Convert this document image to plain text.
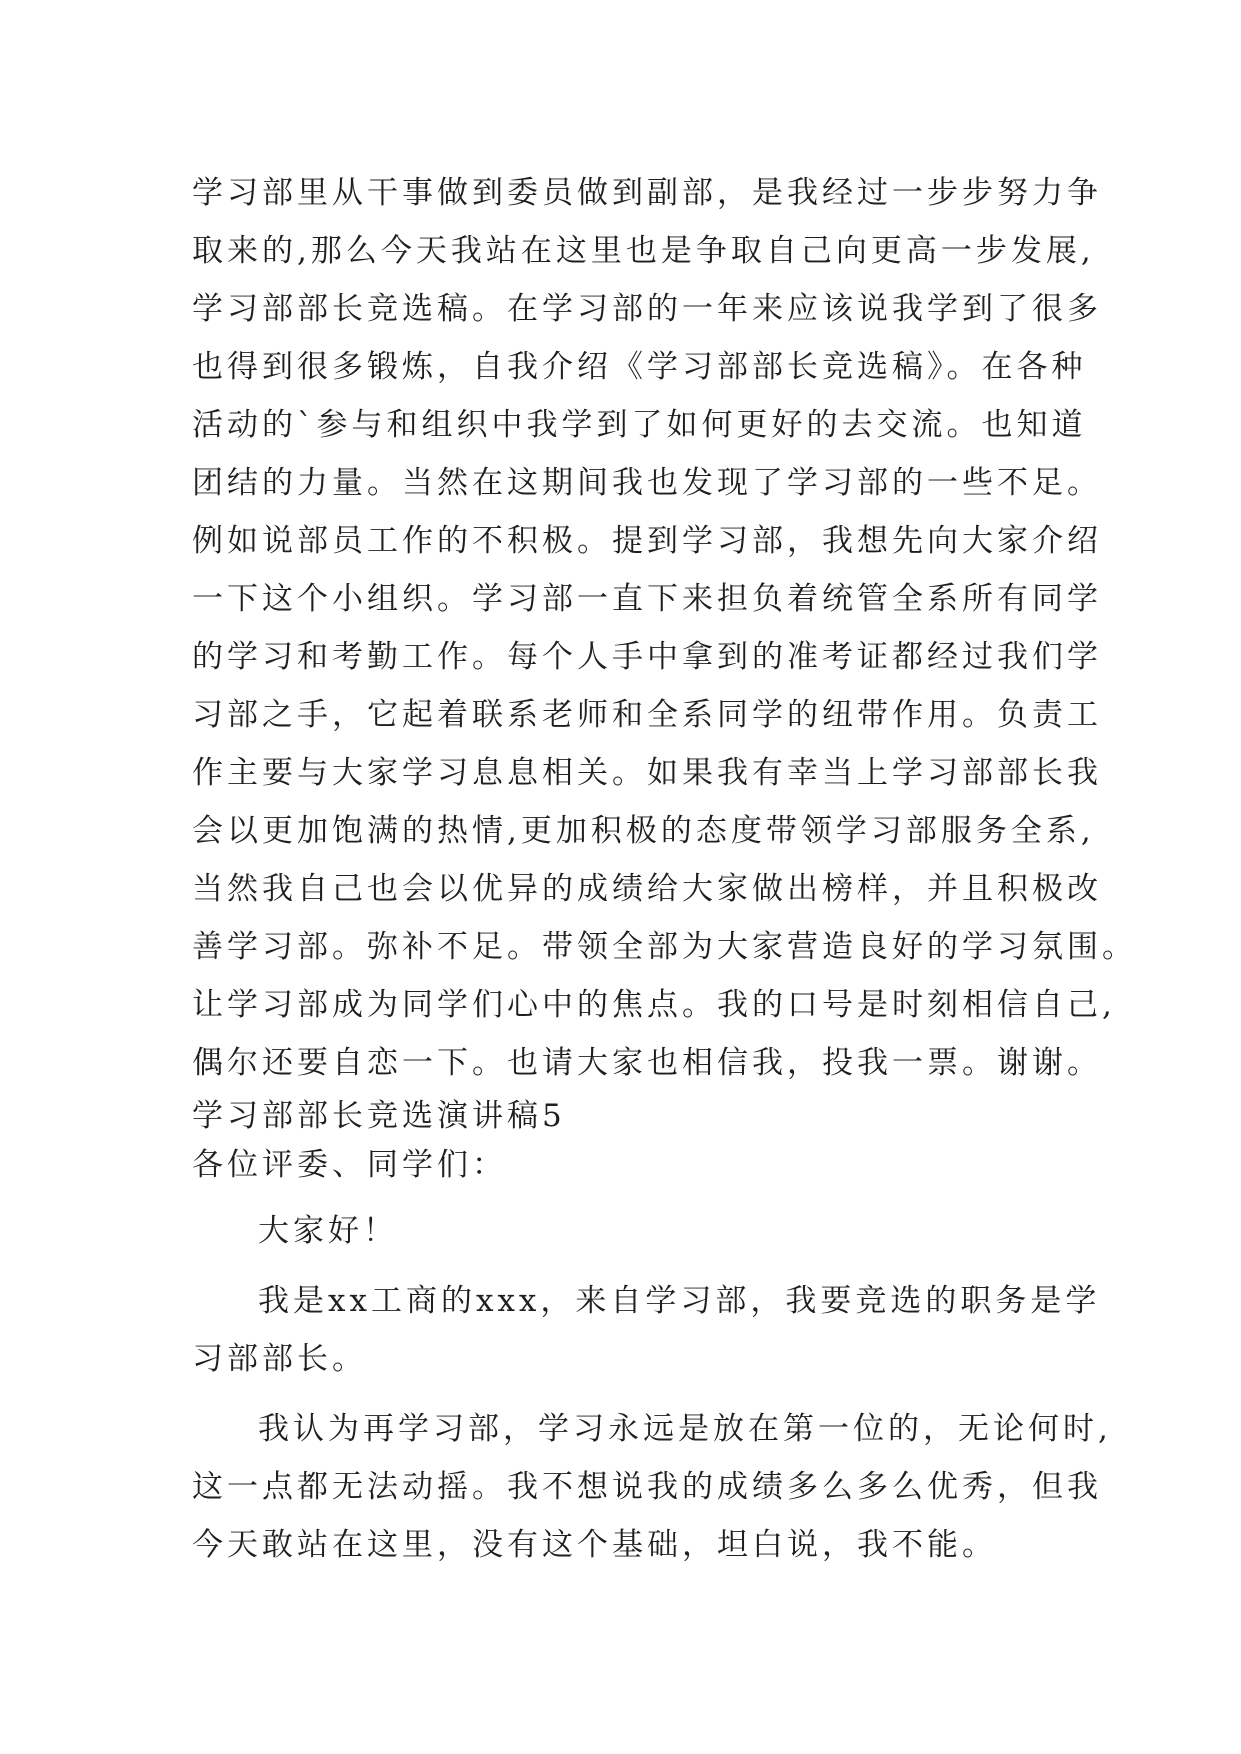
学习部里从干事做到委员做到副部，是我经过一步步努力争
取来的,那么今天我站在这里也是争取自己向更高一步发展,
学习部部长竞选稿。在学习部的一年来应该说我学到了很多
也得到很多锻炼，自我介绍《学习部部长竞选稿》。在各种
活动的`参与和组织中我学到了如何更好的去交流。也知道
团结的力量。当然在这期间我也发现了学习部的一些不足。
例如说部员工作的不积极。提到学习部，我想先向大家介绍
一下这个小组织。学习部一直下来担负着统管全系所有同学
的学习和考勤工作。每个人手中拿到的准考证都经过我们学
习部之手，它起着联系老师和全系同学的纽带作用。负责工
作主要与大家学习息息相关。如果我有幸当上学习部部长我
会以更加饱满的热情,更加积极的态度带领学习部服务全系,
当然我自己也会以优异的成绩给大家做出榜样，并且积极改
善学习部。弥补不足。带领全部为大家营造良好的学习氛围。
让学习部成为同学们心中的焦点。我的口号是时刻相信自己,
偶尔还要自恋一下。也请大家也相信我，投我一票。谢谢。
学习部部长竞选演讲稿5
各位评委、同学们：
大家好！
我是xx工商的xxx，来自学习部，我要竞选的职务是学
习部部长。
我认为再学习部，学习永远是放在第一位的，无论何时,
这一点都无法动摇。我不想说我的成绩多么多么优秀，但我
今天敢站在这里，没有这个基础，坦白说，我不能。
